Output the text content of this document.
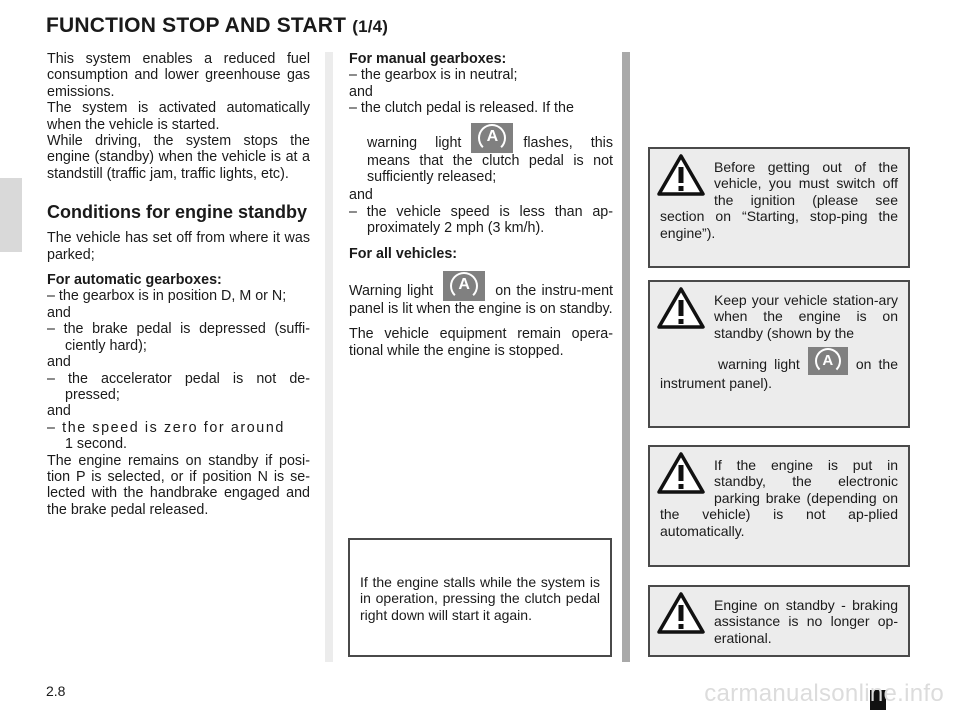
FUNCTION STOP AND START (1/4)

This system enables a reduced fuel consumption and lower greenhouse gas emissions.

The system is activated automatically when the vehicle is started.

While driving, the system stops the engine (standby) when the vehicle is at a standstill (traffic jam, traffic lights, etc).

Conditions for engine standby

The vehicle has set off from where it was parked;

For automatic gearboxes:

– the gearbox is in position D, M or N;

and

– the brake pedal is depressed (suffi-ciently hard);

and

– the accelerator pedal is not de-pressed;

and

– the speed is zero for around

1 second.

The engine remains on standby if posi-tion P is selected, or if position N is se-lected with the handbrake engaged and the brake pedal released.

For manual gearboxes:

– the gearbox is in neutral;

and

– the clutch pedal is released. If the

warning light A	flashes, this means that the clutch pedal is not sufficiently released;

and

– the vehicle speed is less than ap-proximately 2 mph (3 km/h).

For all vehicles:

Warning light A	on the instru-ment panel is lit when the engine is on standby.

The vehicle equipment remain opera-tional while the engine is stopped.

If the engine stalls while the system is in operation, pressing the clutch pedal right down will start it again.

Before getting out of the vehicle, you must switch off the ignition (please see section on “Starting, stop-ping the engine”).

Keep your vehicle station-ary when the engine is on standby (shown by the
warning light A	on the instrument panel).

If the engine is put in standby, the electronic parking brake (depending on the vehicle) is not ap-plied automatically.

Engine on standby - braking assistance is no longer op-erational.

2.8	carmanualsonline.info
